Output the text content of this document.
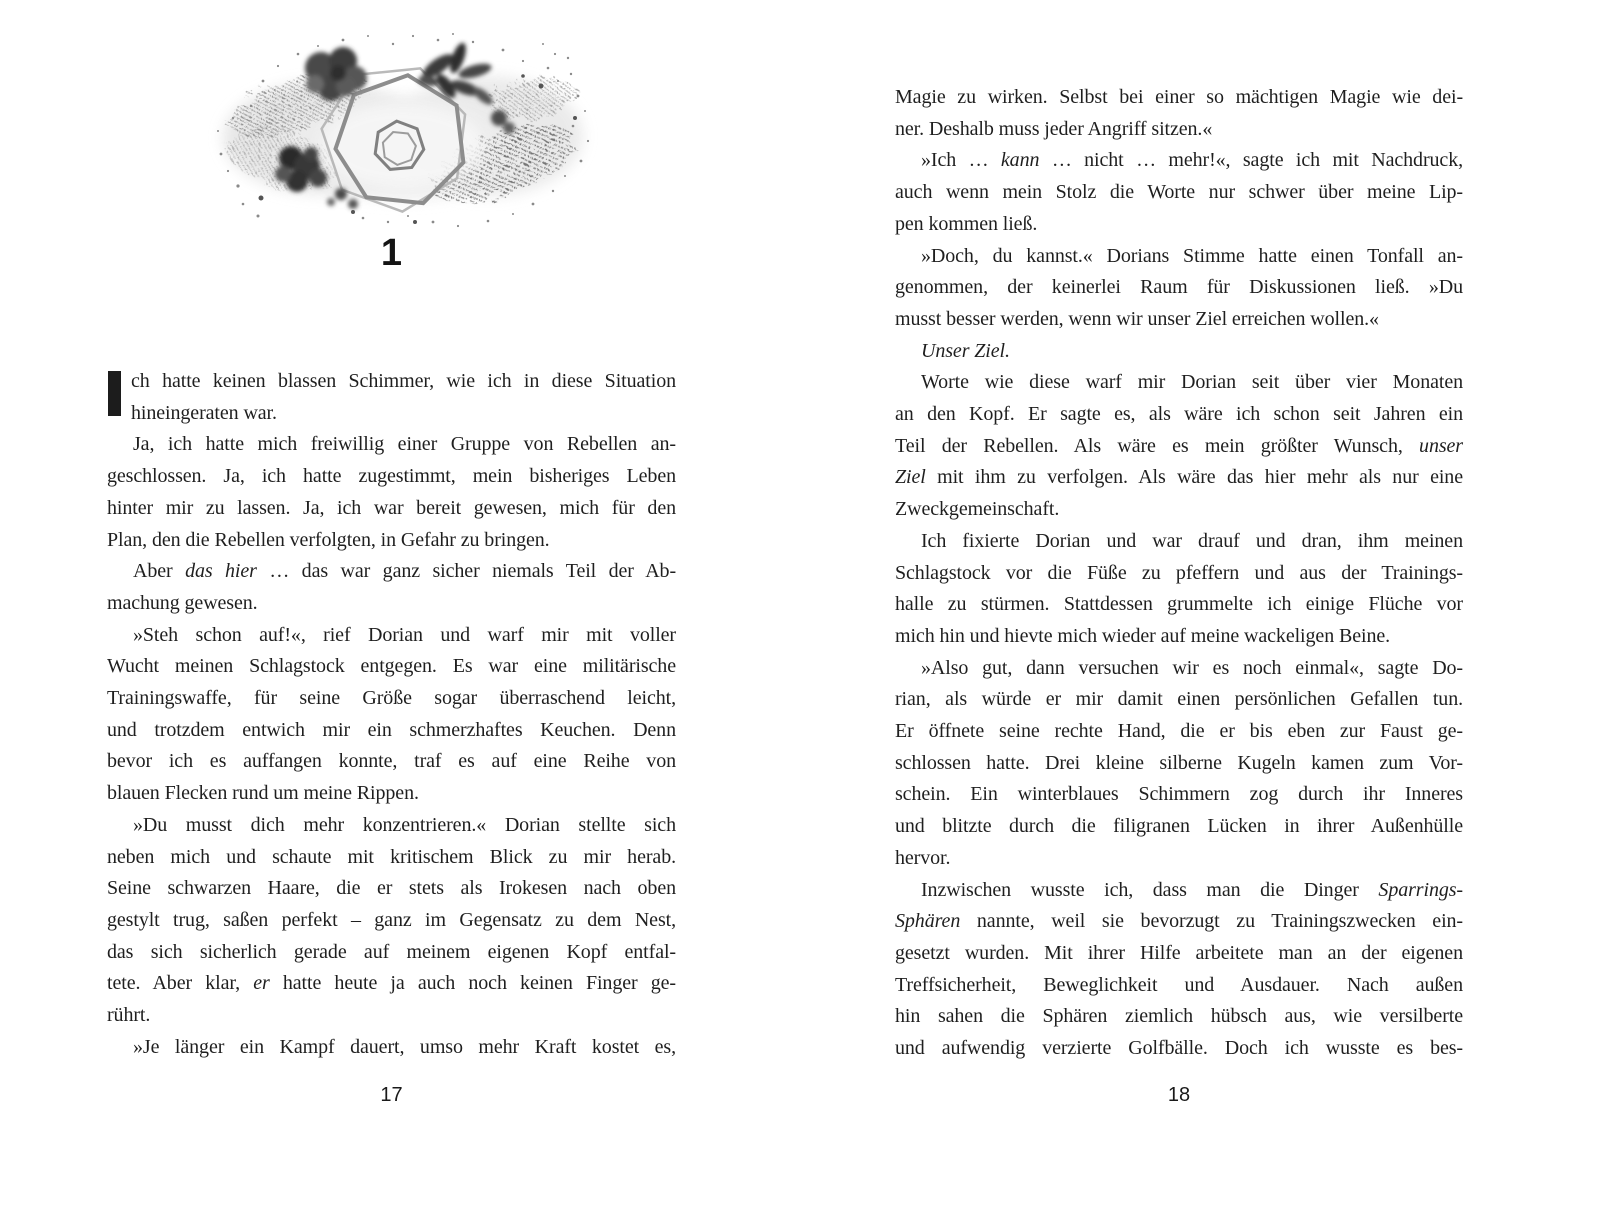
1
ch hatte keinen blassen Schimmer, wie ich in diese Situation
hineingeraten war.
Ja, ich hatte mich freiwillig einer Gruppe von Rebellen an-
geschlossen. Ja, ich hatte zugestimmt, mein bisheriges Leben
hinter mir zu lassen. Ja, ich war bereit gewesen, mich für den
Plan, den die Rebellen verfolgten, in Gefahr zu bringen.
Aber das hier … das war ganz sicher niemals Teil der Ab-
machung gewesen.
»Steh schon auf!«, rief Dorian und warf mir mit voller
Wucht meinen Schlagstock entgegen. Es war eine militärische
Trainingswaffe, für seine Größe sogar überraschend leicht,
und trotzdem entwich mir ein schmerzhaftes Keuchen. Denn
bevor ich es auffangen konnte, traf es auf eine Reihe von
blauen Flecken rund um meine Rippen.
»Du musst dich mehr konzentrieren.« Dorian stellte sich
neben mich und schaute mit kritischem Blick zu mir herab.
Seine schwarzen Haare, die er stets als Irokesen nach oben
gestylt trug, saßen perfekt – ganz im Gegensatz zu dem Nest,
das sich sicherlich gerade auf meinem eigenen Kopf entfal-
tete. Aber klar, er hatte heute ja auch noch keinen Finger ge-
rührt.
»Je länger ein Kampf dauert, umso mehr Kraft kostet es,
17
Magie zu wirken. Selbst bei einer so mächtigen Magie wie dei-
ner. Deshalb muss jeder Angriff sitzen.«
»Ich … kann … nicht … mehr!«, sagte ich mit Nachdruck,
auch wenn mein Stolz die Worte nur schwer über meine Lip-
pen kommen ließ.
»Doch, du kannst.« Dorians Stimme hatte einen Tonfall an-
genommen, der keinerlei Raum für Diskussionen ließ. »Du
musst besser werden, wenn wir unser Ziel erreichen wollen.«
Unser Ziel.
Worte wie diese warf mir Dorian seit über vier Monaten
an den Kopf. Er sagte es, als wäre ich schon seit Jahren ein
Teil der Rebellen. Als wäre es mein größter Wunsch, unser
Ziel mit ihm zu verfolgen. Als wäre das hier mehr als nur eine
Zweckgemeinschaft.
Ich fixierte Dorian und war drauf und dran, ihm meinen
Schlagstock vor die Füße zu pfeffern und aus der Trainings-
halle zu stürmen. Stattdessen grummelte ich einige Flüche vor
mich hin und hievte mich wieder auf meine wackeligen Beine.
»Also gut, dann versuchen wir es noch einmal«, sagte Do-
rian, als würde er mir damit einen persönlichen Gefallen tun.
Er öffnete seine rechte Hand, die er bis eben zur Faust ge-
schlossen hatte. Drei kleine silberne Kugeln kamen zum Vor-
schein. Ein winterblaues Schimmern zog durch ihr Inneres
und blitzte durch die filigranen Lücken in ihrer Außenhülle
hervor.
Inzwischen wusste ich, dass man die Dinger Sparrings-
Sphären nannte, weil sie bevorzugt zu Trainingszwecken ein-
gesetzt wurden. Mit ihrer Hilfe arbeitete man an der eigenen
Treffsicherheit, Beweglichkeit und Ausdauer. Nach außen
hin sahen die Sphären ziemlich hübsch aus, wie versilberte
und aufwendig verzierte Golfbälle. Doch ich wusste es bes-
18
